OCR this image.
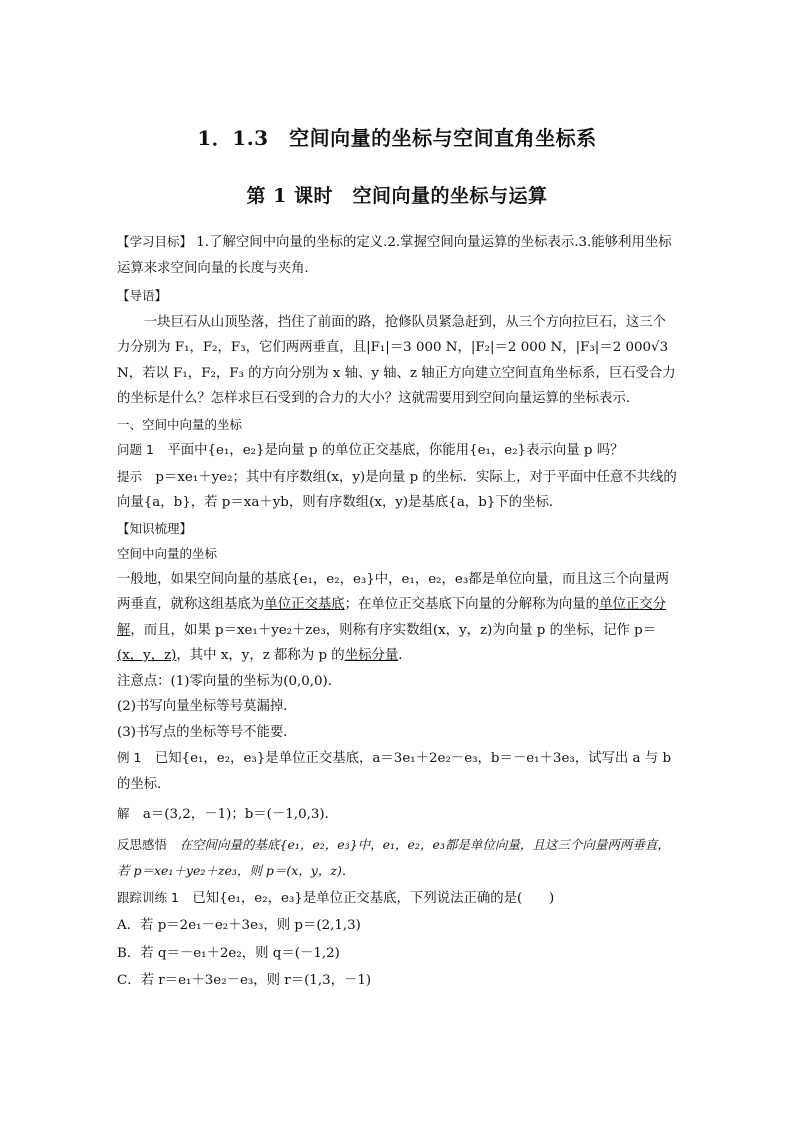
1．1.3　空间向量的坐标与空间直角坐标系
第 1 课时　空间向量的坐标与运算

【学习目标】 1.了解空间中向量的坐标的定义.2.掌握空间向量运算的坐标表示.3.能够利用坐标运算来求空间向量的长度与夹角．

【导语】

一块巨石从山顶坠落，挡住了前面的路，抢修队员紧急赶到，从三个方向拉巨石，这三个力分别为 F₁，F₂，F₃，它们两两垂直，且|F₁|＝3 000 N，|F₂|＝2 000 N，|F₃|＝2 000√3 N，若以 F₁，F₂，F₃ 的方向分别为 x 轴、y 轴、z 轴正方向建立空间直角坐标系，巨石受合力的坐标是什么？怎样求巨石受到的合力的大小？这就需要用到空间向量运算的坐标表示．

一、空间中向量的坐标

问题 1　平面中{e₁，e₂}是向量 p 的单位正交基底，你能用{e₁，e₂}表示向量 p 吗？

提示　p＝xe₁＋ye₂；其中有序数组(x，y)是向量 p 的坐标．实际上，对于平面中任意不共线的向量{a，b}，若 p＝xa＋yb，则有序数组(x，y)是基底{a，b}下的坐标．

【知识梳理】

空间中向量的坐标

一般地，如果空间向量的基底{e₁，e₂，e₃}中，e₁，e₂，e₃都是单位向量，而且这三个向量两两垂直，就称这组基底为单位正交基底；在单位正交基底下向量的分解称为向量的单位正交分解，而且，如果 p＝xe₁＋ye₂＋ze₃，则称有序实数组(x，y，z)为向量 p 的坐标，记作 p＝(x，y，z)，其中 x，y，z 都称为 p 的坐标分量．

注意点：(1)零向量的坐标为(0,0,0)．

(2)书写向量坐标等号莫漏掉．

(3)书写点的坐标等号不能要．

例 1　已知{e₁，e₂，e₃}是单位正交基底，a＝3e₁＋2e₂－e₃，b＝－e₁＋3e₃，试写出 a 与 b 的坐标．

解　a＝(3,2，－1)；b＝(－1,0,3)．

反思感悟　在空间向量的基底{e₁，e₂，e₃}中，e₁，e₂，e₃都是单位向量，且这三个向量两两垂直，若 p＝xe₁＋ye₂＋ze₃，则 p＝(x，y，z)．

跟踪训练 1　已知{e₁，e₂，e₃}是单位正交基底，下列说法正确的是(　　)

A．若 p＝2e₁－e₂＋3e₃，则 p＝(2,1,3)

B．若 q＝－e₁＋2e₂，则 q＝(－1,2)

C．若 r＝e₁＋3e₂－e₃，则 r＝(1,3，－1)
